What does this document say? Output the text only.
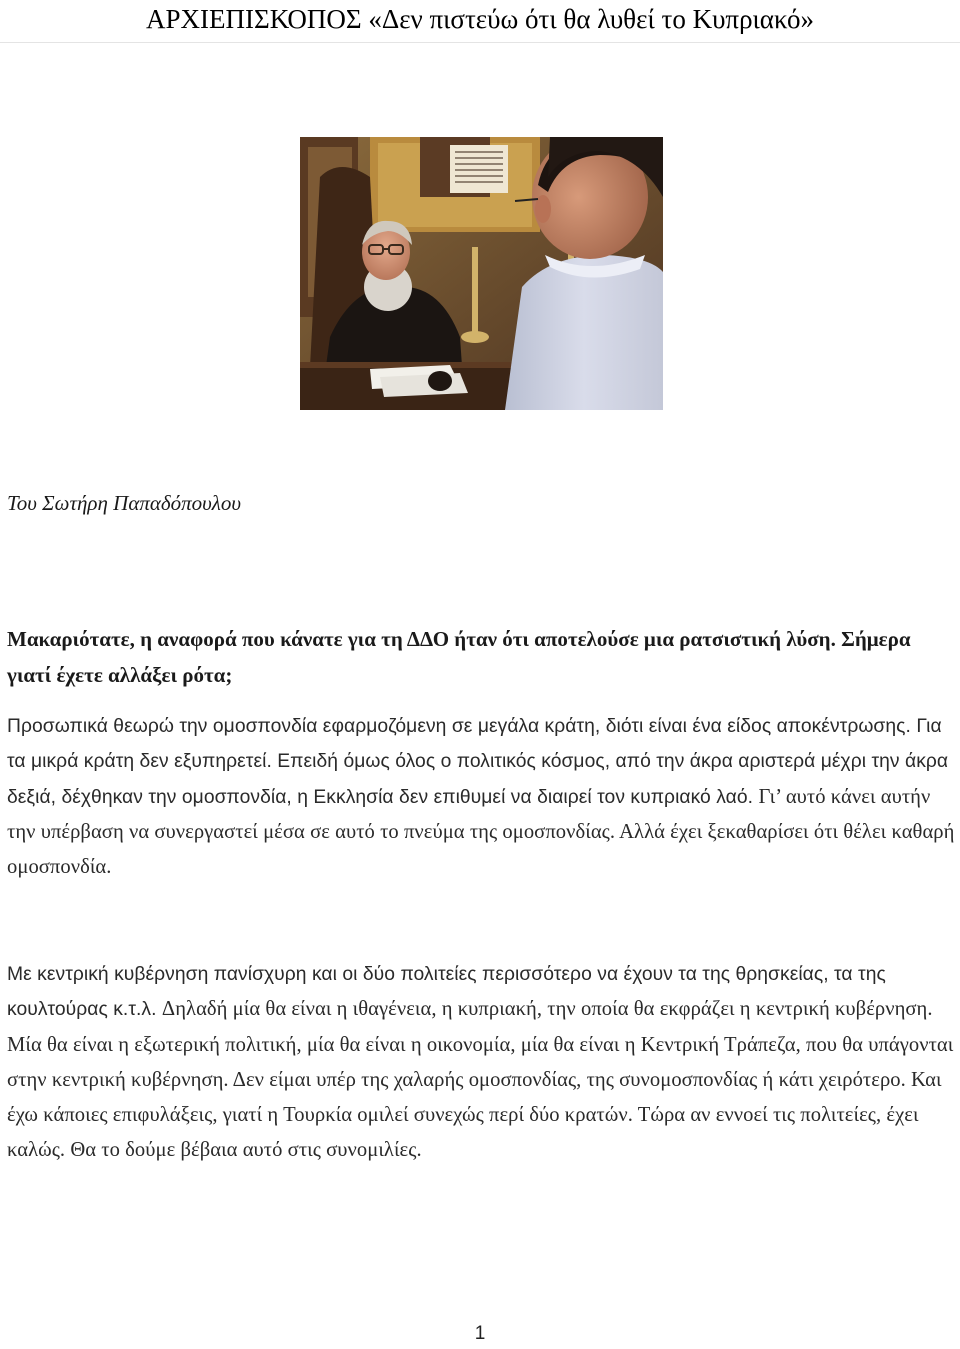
ΑΡΧΙΕΠΙΣΚΟΠΟΣ «Δεν πιστεύω ότι θα λυθεί το Κυπριακό»
Του Σωτήρη Παπαδόπουλου

Μακαριότατε, η αναφορά που κάνατε για τη ΔΔΟ ήταν ότι αποτελούσε μια ρατσιστική λύση. Σήμερα γιατί έχετε αλλάξει ρότα;

Προσωπικά θεωρώ την ομοσπονδία εφαρμοζόμενη σε μεγάλα κράτη, διότι είναι ένα είδος αποκέντρωσης. Για τα μικρά κράτη δεν εξυπηρετεί. Επειδή όμως όλος ο πολιτικός κόσμος, από την άκρα αριστερά μέχρι την άκρα δεξιά, δέχθηκαν την ομοσπονδία, η Εκκλησία δεν επιθυμεί να διαιρεί τον κυπριακό λαό. Γι’ αυτό κάνει αυτήν την υπέρβαση να συνεργαστεί μέσα σε αυτό το πνεύμα της ομοσπονδίας. Αλλά έχει ξεκαθαρίσει ότι θέλει καθαρή ομοσπονδία.

Με κεντρική κυβέρνηση πανίσχυρη και οι δύο πολιτείες περισσότερο να έχουν τα της θρησκείας, τα της κουλτούρας κ.τ.λ. Δηλαδή μία θα είναι η ιθαγένεια, η κυπριακή, την οποία θα εκφράζει η κεντρική κυβέρνηση. Μία θα είναι η εξωτερική πολιτική, μία θα είναι η οικονομία, μία θα είναι η Κεντρική Τράπεζα, που θα υπάγονται στην κεντρική κυβέρνηση. Δεν είμαι υπέρ της χαλαρής ομοσπονδίας, της συνομοσπονδίας ή κάτι χειρότερο. Και έχω κάποιες επιφυλάξεις, γιατί η Τουρκία ομιλεί συνεχώς περί δύο κρατών. Τώρα αν εννοεί τις πολιτείες, έχει καλώς. Θα το δούμε βέβαια αυτό στις συνομιλίες.

1
